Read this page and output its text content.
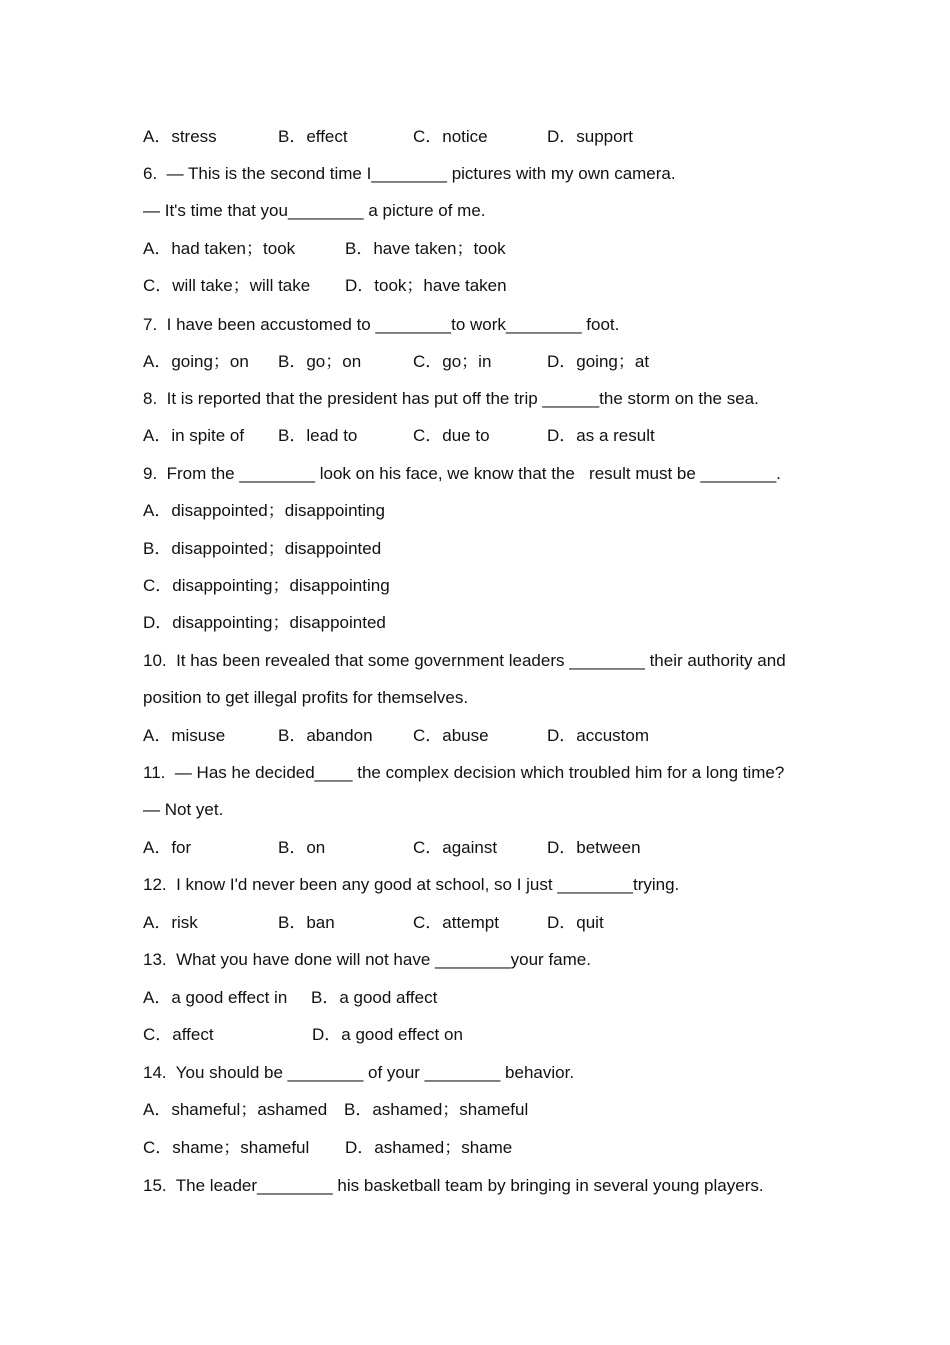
A．stress	B．effect	C．notice	D．support
6.  — This is the second time I________ pictures with my own camera.
— It's time that you________ a picture of me.
A．had taken；took	B．have taken；took
C．will take；will take D．took；have taken
7.  I have been accustomed to ________to work________ foot.
A．going；on B．go；on	C．go；in	D．going；at
8.  It is reported that the president has put off the trip ______the storm on the sea.
A．in spite of B．lead to	C．due to	D．as a result
9.  From the ________ look on his face, we know that the   result must be ________.
A．disappointed；disappointing
B．disappointed；disappointed
C．disappointing；disappointing
D．disappointing；disappointed
10.  It has been revealed that some government leaders ________ their authority and
position to get illegal profits for themselves.
A．misuse	B．abandon C．abuse	D．accustom
11.  — Has he decided____ the complex decision which troubled him for a long time?
— Not yet.
A．for	B．on	C．against	D．between
12.  I know I'd never been any good at school, so I just ________trying.
A．risk	B．ban	C．attempt	D．quit
13.  What you have done will not have ________your fame.
A．a good effect in B．a good affect
C．affect	D．a good effect on
14.  You should be ________ of your ________ behavior.
A．shameful；ashamed B．ashamed；shameful
C．shame；shameful D．ashamed；shame
15.  The leader________ his basketball team by bringing in several young players.
